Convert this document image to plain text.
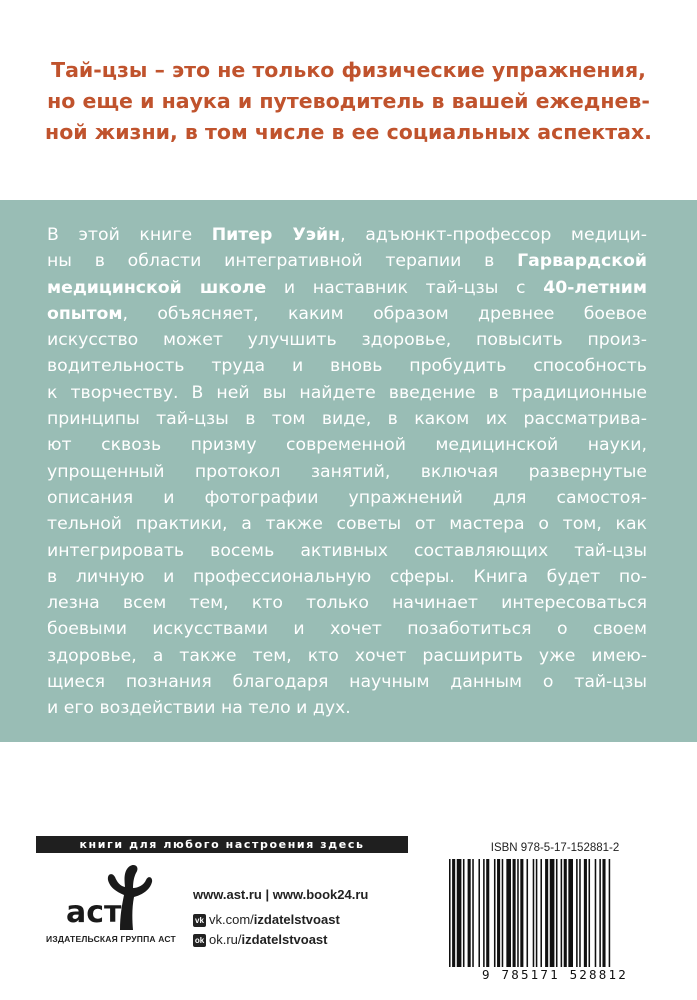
Тай-цзы – это не только физические упражнения,
но еще и наука и путеводитель в вашей ежеднев-
ной жизни, в том числе в ее социальных аспектах.
В этой книге Питер Уэйн, адъюнкт-профессор медици-
ны в области интегративной терапии в Гарвардской
медицинской школе и наставник тай-цзы с 40-летним
опытом, объясняет, каким образом древнее боевое
искусство может улучшить здоровье, повысить произ-
водительность труда и вновь пробудить способность
к творчеству. В ней вы найдете введение в традиционные
принципы тай-цзы в том виде, в каком их рассматрива-
ют сквозь призму современной медицинской науки,
упрощенный протокол занятий, включая развернутые
описания и фотографии упражнений для самостоя-
тельной практики, а также советы от мастера о том, как
интегрировать восемь активных составляющих тай-цзы
в личную и профессиональную сферы. Книга будет по-
лезна всем тем, кто только начинает интересоваться
боевыми искусствами и хочет позаботиться о своем
здоровье, а также тем, кто хочет расширить уже имею-
щиеся познания благодаря научным данным о тай-цзы
и его воздействии на тело и дух.
книги для любого настроения здесь
аст
ИЗДАТЕЛЬСКАЯ ГРУППА АСТ
www.ast.ru | www.book24.ru
vk vk.com/izdatelstvoast
ok ok.ru/izdatelstvoast
ISBN 978-5-17-152881-2
9 785171 528812
